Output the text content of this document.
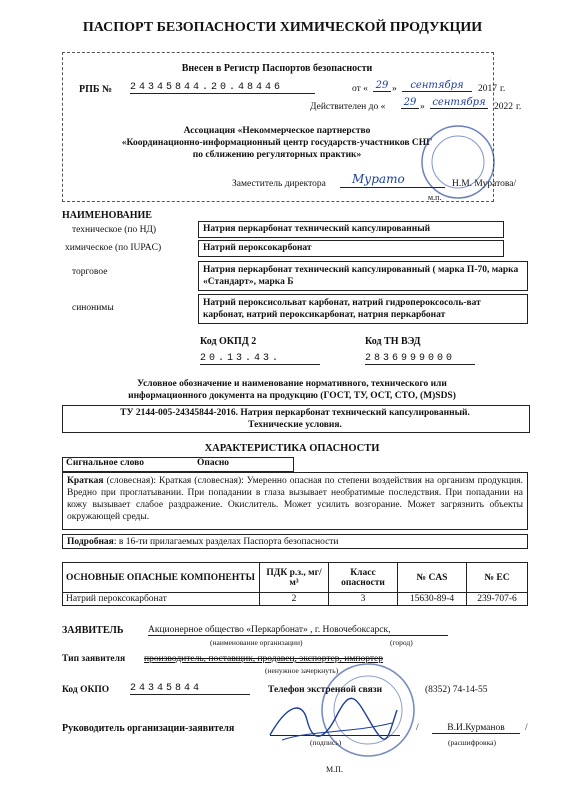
ПАСПОРТ БЕЗОПАСНОСТИ ХИМИЧЕСКОЙ ПРОДУКЦИИ
Внесен в Регистр Паспортов безопасности
РПБ № 24345844.20.48446	от « 29 »	сентября	2017 г.
Действителен до « 29 » сентября 2022 г.
Ассоциация «Некоммерческое партнерство
«Координационно-информационный центр государств-участников СНГ
по сближению регуляторных практик»
Заместитель директора Мурато	Н.М. Муратова/
м.п.
НАИМЕНОВАНИЕ
техническое (по НД)	Натрия перкарбонат технический капсулированный
химическое (по IUPAC)	Натрий пероксокарбонат
торговое	Натрия перкарбонат технический капсулированный ( марка П-70, марка «Стандарт», марка Б
синонимы	Натрий пероксисольват карбонат, натрий гидропероксосоль-ват карбонат, натрий пероксикарбонат, натрия перкарбонат
Код ОКПД 2
20.13.43.
Код ТН ВЭД
2836999000
Условное обозначение и наименование нормативного, технического или
информационного документа на продукцию (ГОСТ, ТУ, ОСТ, СТО, (М)SDS)
ТУ 2144-005-24345844-2016. Натрия перкарбонат технический капсулированный.
Технические условия.
ХАРАКТЕРИСТИКА ОПАСНОСТИ
Сигнальное слово	Опасно
Краткая (словесная): Краткая (словесная): Умеренно опасная по степени воздействия на организм продукция. Вредно при проглатывании. При попадании в глаза вызывает необратимые последствия. При попадании на кожу вызывает слабое раздражение. Окислитель. Может усилить возгорание. Может загрязнить объекты окружающей среды.
Подробная: в 16-ти прилагаемых разделах Паспорта безопасности
ОСНОВНЫЕ ОПАСНЫЕ КОМПОНЕНТЫ	ПДК р.з., мг/м³	Класс опасности	№ CAS	№ ЕС
Натрий пероксокарбонат	2	3	15630-89-4	239-707-6
ЗАЯВИТЕЛЬ	Акционерное общество «Перкарбонат» , г. Новочебоксарск,
(наименование организации)	(город)
Тип заявителя производитель, поставщик, продавец, экспортер, импортер
(ненужное зачеркнуть)
Код ОКПО 24345844	Телефон экстренной связи	(8352) 74-14-55
Руководитель организации-заявителя	/	В.И.Курманов	/
(подпись)	(расшифровка)
М.П.
